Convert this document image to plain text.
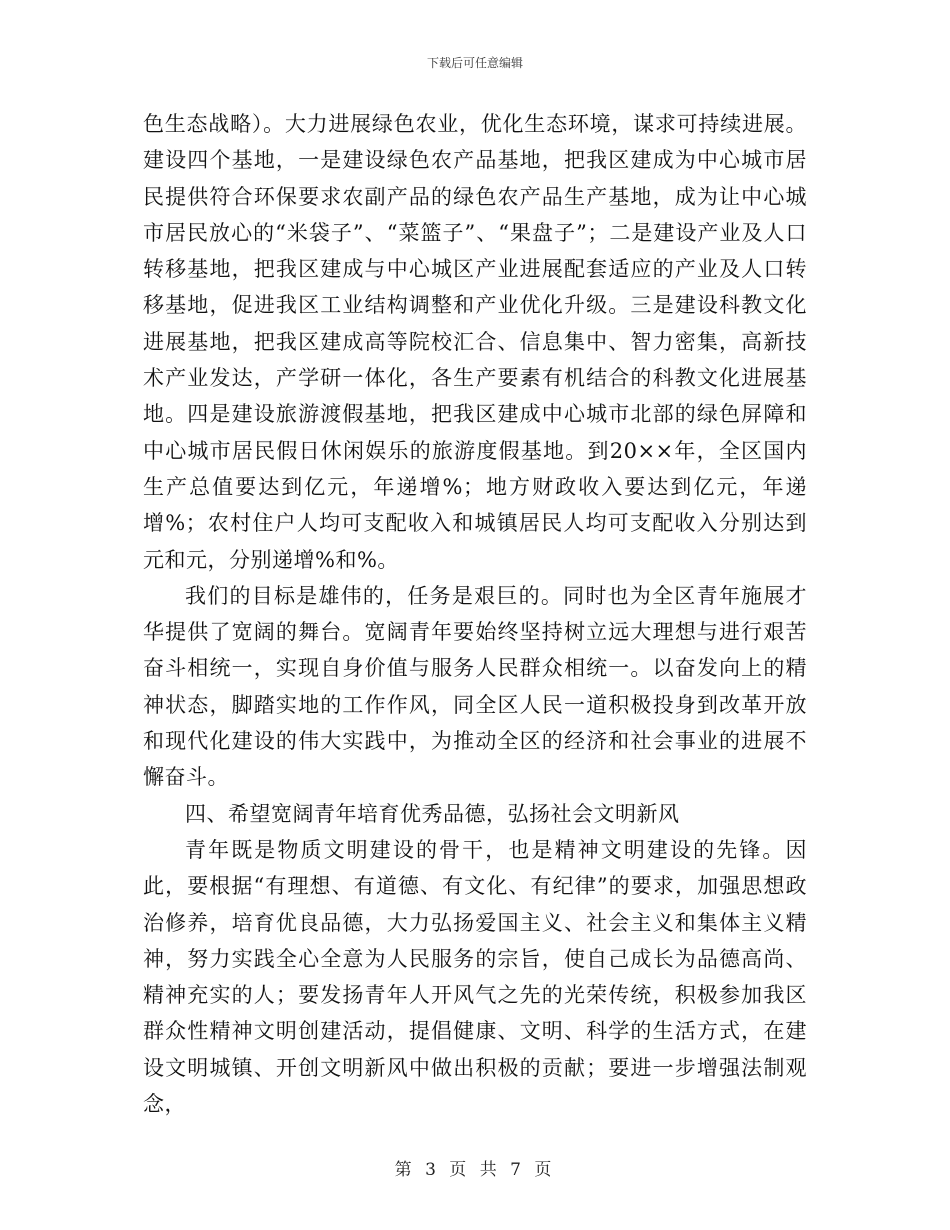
下载后可任意编辑

色生态战略）。大力进展绿色农业，优化生态环境，谋求可持续进展。建设四个基地，一是建设绿色农产品基地，把我区建成为中心城市居民提供符合环保要求农副产品的绿色农产品生产基地，成为让中心城市居民放心的“米袋子”、“菜篮子”、“果盘子”；二是建设产业及人口转移基地，把我区建成与中心城区产业进展配套适应的产业及人口转移基地，促进我区工业结构调整和产业优化升级。三是建设科教文化进展基地，把我区建成高等院校汇合、信息集中、智力密集，高新技术产业发达，产学研一体化，各生产要素有机结合的科教文化进展基地。四是建设旅游渡假基地，把我区建成中心城市北部的绿色屏障和中心城市居民假日休闲娱乐的旅游度假基地。到20××年，全区国内生产总值要达到亿元，年递增%；地方财政收入要达到亿元，年递增%；农村住户人均可支配收入和城镇居民人均可支配收入分别达到元和元，分别递增%和%。

我们的目标是雄伟的，任务是艰巨的。同时也为全区青年施展才华提供了宽阔的舞台。宽阔青年要始终坚持树立远大理想与进行艰苦奋斗相统一，实现自身价值与服务人民群众相统一。以奋发向上的精神状态，脚踏实地的工作作风，同全区人民一道积极投身到改革开放和现代化建设的伟大实践中，为推动全区的经济和社会事业的进展不懈奋斗。

四、希望宽阔青年培育优秀品德，弘扬社会文明新风

青年既是物质文明建设的骨干，也是精神文明建设的先锋。因此，要根据“有理想、有道德、有文化、有纪律”的要求，加强思想政治修养，培育优良品德，大力弘扬爱国主义、社会主义和集体主义精神，努力实践全心全意为人民服务的宗旨，使自己成长为品德高尚、精神充实的人；要发扬青年人开风气之先的光荣传统，积极参加我区群众性精神文明创建活动，提倡健康、文明、科学的生活方式，在建设文明城镇、开创文明新风中做出积极的贡献；要进一步增强法制观念，

第 3 页 共 7 页
